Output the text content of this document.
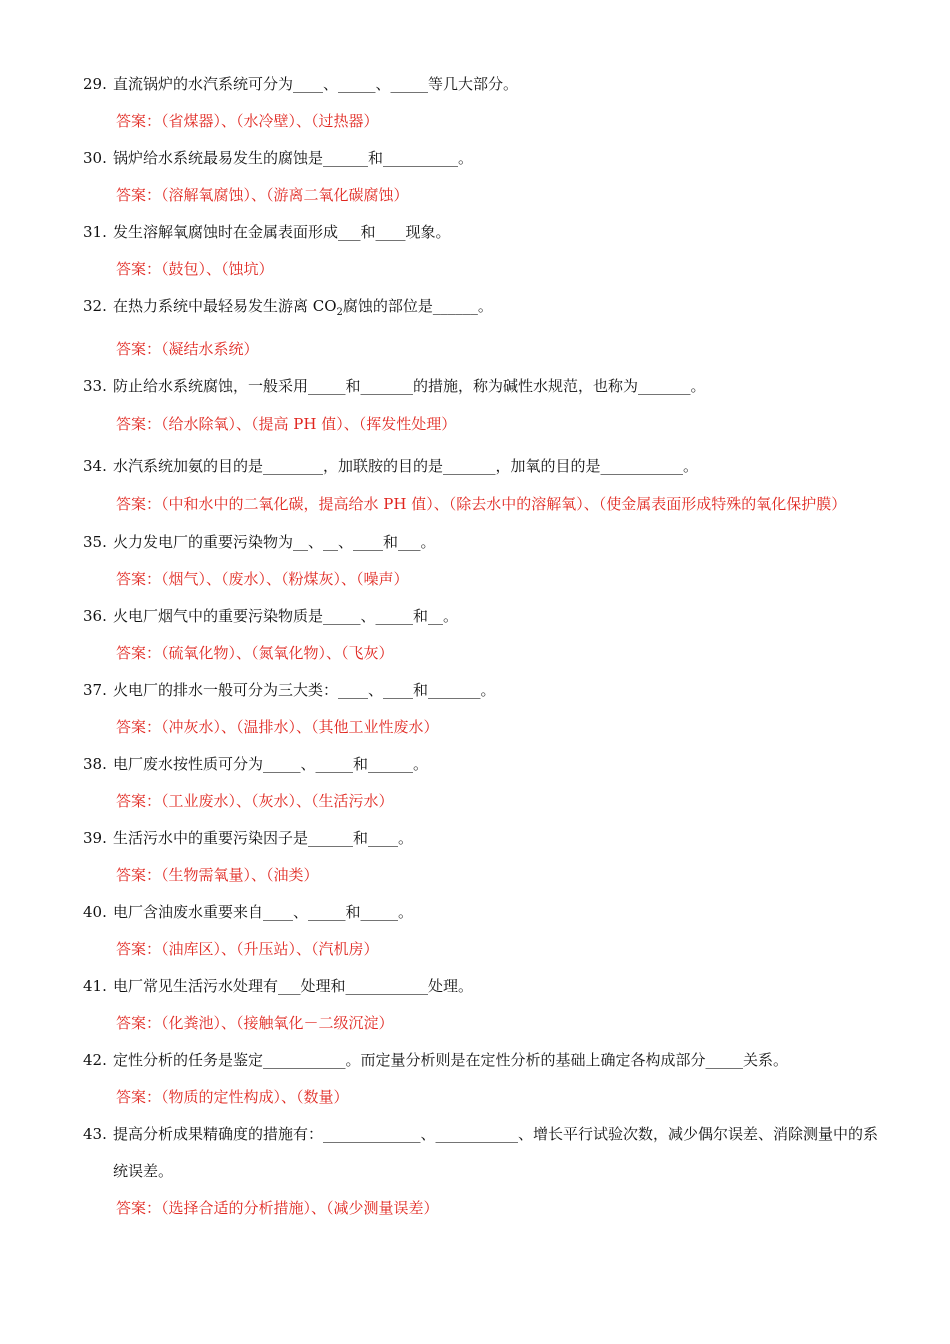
29. 直流锅炉的水汽系统可分为____、_____、_____等几大部分。
答案：（省煤器）、（水冷壁）、（过热器）
30. 锅炉给水系统最易发生的腐蚀是______和__________。
答案：（溶解氧腐蚀）、（游离二氧化碳腐蚀）
31. 发生溶解氧腐蚀时在金属表面形成___和____现象。
答案：（鼓包）、（蚀坑）
32. 在热力系统中最轻易发生游离 $CO_2$腐蚀的部位是______。
答案：（凝结水系统）
33. 防止给水系统腐蚀，一般采用_____和_______的措施，称为碱性水规范，也称为_______。
答案：（给水除氧）、（提高 PH 值）、（挥发性处理）
34. 水汽系统加氨的目的是________，加联胺的目的是_______，加氧的目的是___________。
答案：（中和水中的二氧化碳，提高给水 PH 值）、（除去水中的溶解氧）、（使金属表面形成特殊的氧化保护膜）
35. 火力发电厂的重要污染物为__、__、____和___。
答案：（烟气）、（废水）、（粉煤灰）、（噪声）
36. 火电厂烟气中的重要污染物质是_____、_____和__。
答案：（硫氧化物）、（氮氧化物）、（飞灰）
37. 火电厂的排水一般可分为三大类：____、____和_______。
答案：（冲灰水）、（温排水）、（其他工业性废水）
38. 电厂废水按性质可分为_____、_____和______。
答案：（工业废水）、（灰水）、（生活污水）
39. 生活污水中的重要污染因子是______和____。
答案：（生物需氧量）、（油类）
40. 电厂含油废水重要来自____、_____和_____。
答案：（油库区）、（升压站）、（汽机房）
41. 电厂常见生活污水处理有___处理和___________处理。
答案：（化粪池）、（接触氧化－二级沉淀）
42. 定性分析的任务是鉴定___________。而定量分析则是在定性分析的基础上确定各构成部分_____关系。
答案：（物质的定性构成）、（数量）
43. 提高分析成果精确度的措施有：_____________、___________、增长平行试验次数，减少偶尔误差、消除测量中的系统误差。
答案：（选择合适的分析措施）、（减少测量误差）
